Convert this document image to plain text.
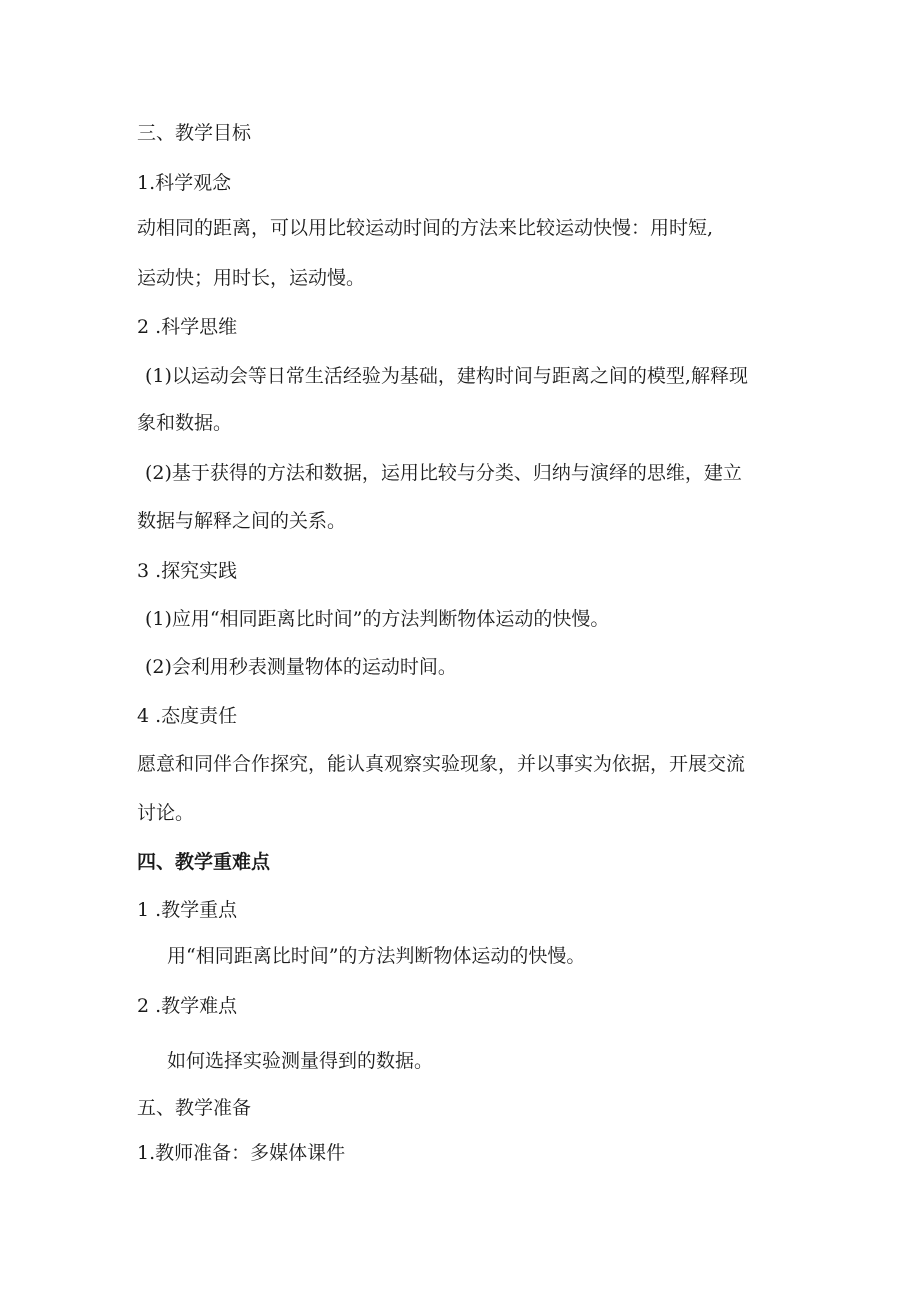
三、教学目标
1.科学观念
动相同的距离，可以用比较运动时间的方法来比较运动快慢：用时短,
运动快；用时长，运动慢。
2 .科学思维
(1)以运动会等日常生活经验为基础，建构时间与距离之间的模型,解释现
象和数据。
(2)基于获得的方法和数据，运用比较与分类、归纳与演绎的思维，建立
数据与解释之间的关系。
3 .探究实践
(1)应用“相同距离比时间”的方法判断物体运动的快慢。
(2)会利用秒表测量物体的运动时间。
4 .态度责任
愿意和同伴合作探究，能认真观察实验现象，并以事实为依据，开展交流
讨论。
四、教学重难点
1 .教学重点
用“相同距离比时间”的方法判断物体运动的快慢。
2 .教学难点
如何选择实验测量得到的数据。
五、教学准备
1.教师准备：多媒体课件
